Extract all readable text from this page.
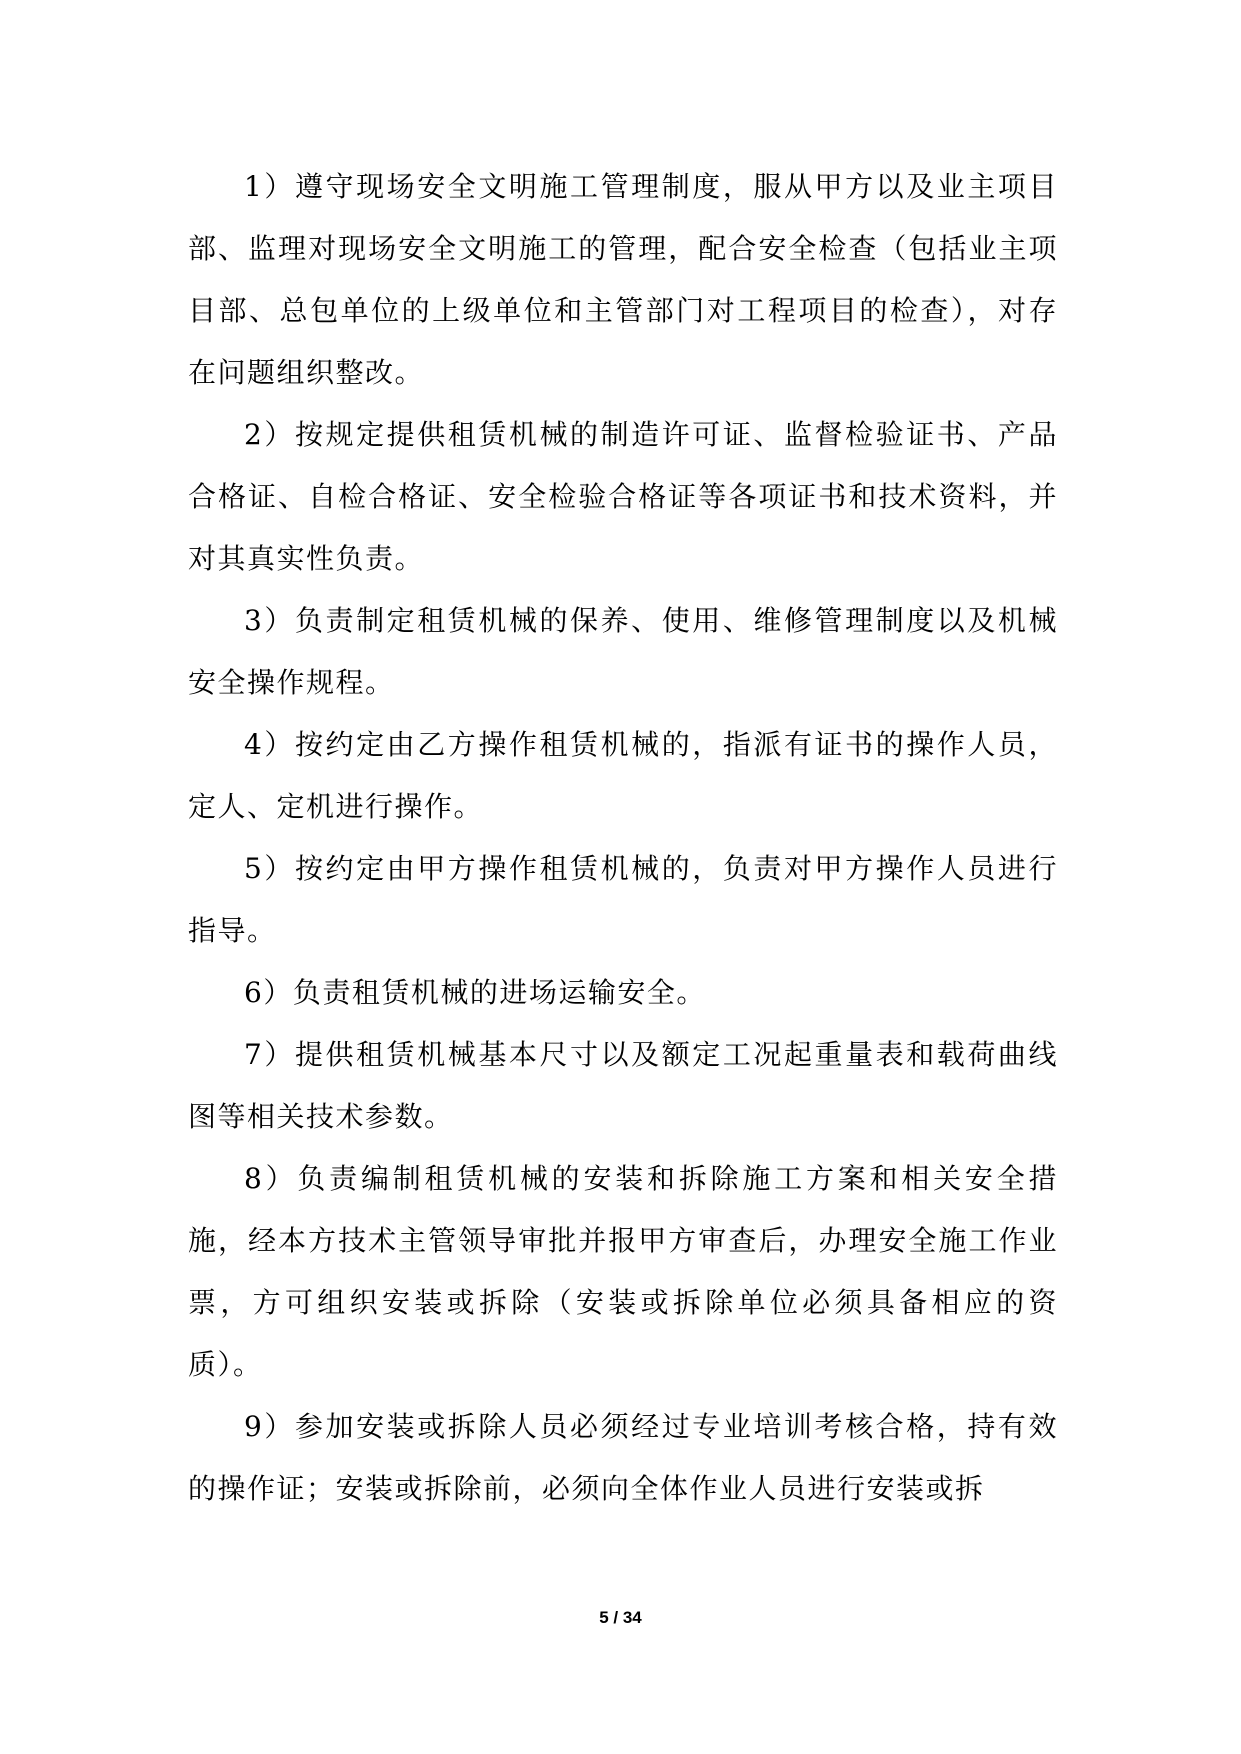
1）遵守现场安全文明施工管理制度，服从甲方以及业主项目部、监理对现场安全文明施工的管理，配合安全检查（包括业主项目部、总包单位的上级单位和主管部门对工程项目的检查），对存在问题组织整改。

2）按规定提供租赁机械的制造许可证、监督检验证书、产品合格证、自检合格证、安全检验合格证等各项证书和技术资料，并对其真实性负责。

3）负责制定租赁机械的保养、使用、维修管理制度以及机械安全操作规程。

4）按约定由乙方操作租赁机械的，指派有证书的操作人员，定人、定机进行操作。

5）按约定由甲方操作租赁机械的，负责对甲方操作人员进行指导。

6）负责租赁机械的进场运输安全。

7）提供租赁机械基本尺寸以及额定工况起重量表和载荷曲线图等相关技术参数。

8）负责编制租赁机械的安装和拆除施工方案和相关安全措施，经本方技术主管领导审批并报甲方审查后，办理安全施工作业票，方可组织安装或拆除（安装或拆除单位必须具备相应的资质）。

9）参加安装或拆除人员必须经过专业培训考核合格，持有效的操作证；安装或拆除前，必须向全体作业人员进行安装或拆

5 / 34
